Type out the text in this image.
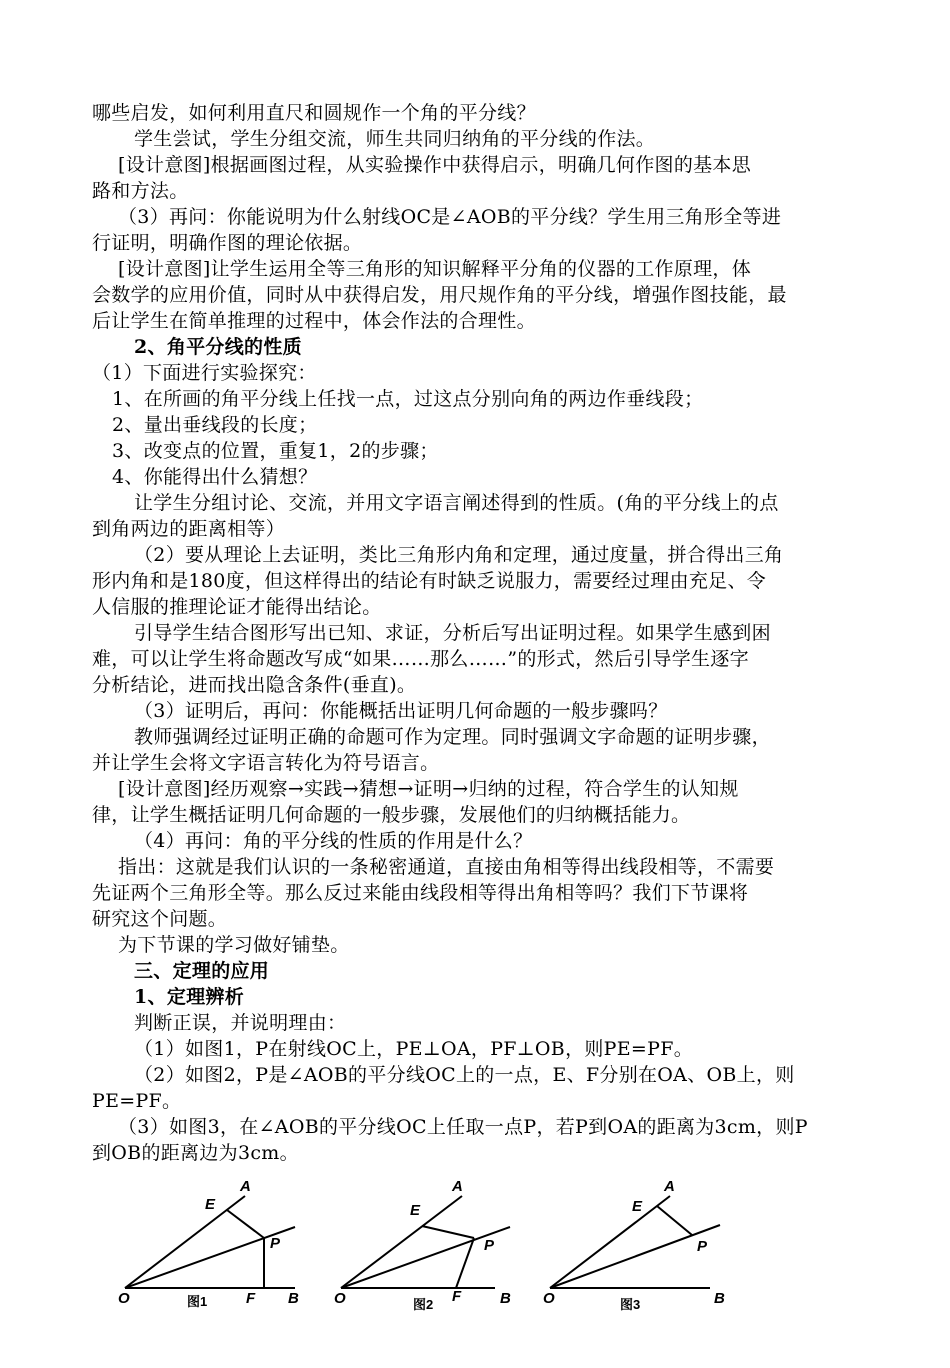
哪些启发，如何利用直尺和圆规作一个角的平分线？
学生尝试，学生分组交流，师生共同归纳角的平分线的作法。
[设计意图]根据画图过程，从实验操作中获得启示，明确几何作图的基本思
路和方法。
（3）再问：你能说明为什么射线OC是∠AOB的平分线？学生用三角形全等进
行证明，明确作图的理论依据。
[设计意图]让学生运用全等三角形的知识解释平分角的仪器的工作原理，体
会数学的应用价值，同时从中获得启发，用尺规作角的平分线，增强作图技能，最
后让学生在简单推理的过程中，体会作法的合理性。
2、角平分线的性质
（1）下面进行实验探究：
1、在所画的角平分线上任找一点，过这点分别向角的两边作垂线段；
2、量出垂线段的长度；
3、改变点的位置，重复1，2的步骤；
4、你能得出什么猜想？
让学生分组讨论、交流，并用文字语言阐述得到的性质。(角的平分线上的点
到角两边的距离相等）
（2）要从理论上去证明，类比三角形内角和定理，通过度量，拼合得出三角
形内角和是180度，但这样得出的结论有时缺乏说服力，需要经过理由充足、令
人信服的推理论证才能得出结论。
引导学生结合图形写出已知、求证，分析后写出证明过程。如果学生感到困
难，可以让学生将命题改写成“如果……那么……”的形式，然后引导学生逐字
分析结论，进而找出隐含条件(垂直)。
（3）证明后，再问：你能概括出证明几何命题的一般步骤吗？
教师强调经过证明正确的命题可作为定理。同时强调文字命题的证明步骤，
并让学生会将文字语言转化为符号语言。
[设计意图]经历观察→实践→猜想→证明→归纳的过程，符合学生的认知规
律，让学生概括证明几何命题的一般步骤，发展他们的归纳概括能力。
（4）再问：角的平分线的性质的作用是什么？
指出：这就是我们认识的一条秘密通道，直接由角相等得出线段相等，不需要
先证两个三角形全等。那么反过来能由线段相等得出角相等吗？我们下节课将
研究这个问题。
为下节课的学习做好铺垫。
三、定理的应用
1、定理辨析
判断正误，并说明理由：
（1）如图1，P在射线OC上，PE⊥OA，PF⊥OB，则PE=PF。
（2）如图2，P是∠AOB的平分线OC上的一点，E、F分别在OA、OB上，则
PE=PF。
（3）如图3，在∠AOB的平分线OC上任取一点P，若P到OA的距离为3cm，则P
到OB的距离边为3cm。
A
E
P
O	F B
图1
A
E
P
O	F	B
图2
A
E
P
O	B
图3
